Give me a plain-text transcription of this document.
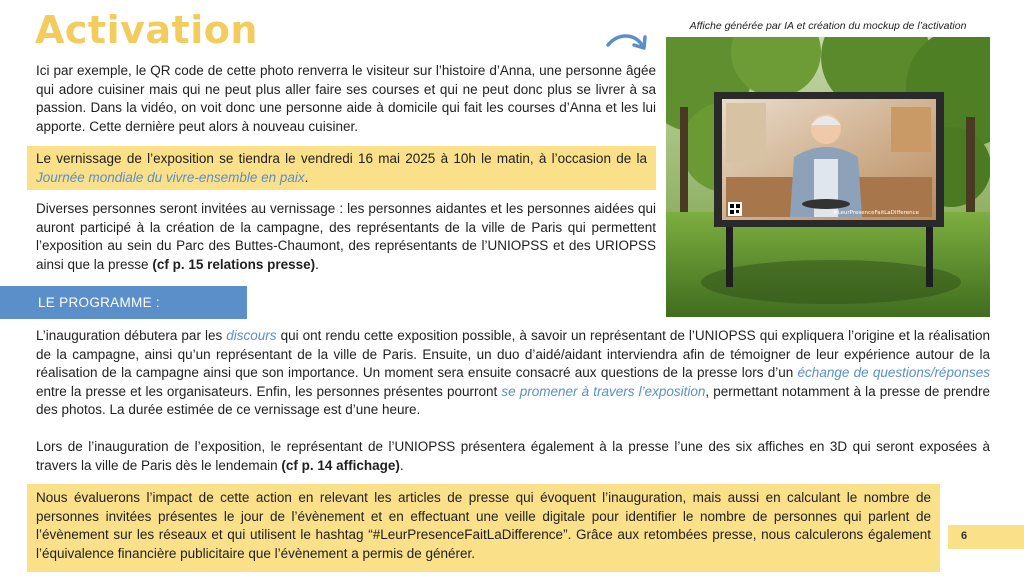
Activation	Affiche générée par IA et création du mockup de l’activation

Ici par exemple, le QR code de cette photo renverra le visiteur sur l’histoire d’Anna, une personne âgée qui adore cuisiner mais qui ne peut plus aller faire ses courses et qui ne peut donc plus se livrer à sa passion. Dans la vidéo, on voit donc une personne aide à domicile qui fait les courses d’Anna et les lui apporte. Cette dernière peut alors à nouveau cuisiner.

Le vernissage de l’exposition se tiendra le vendredi 16 mai 2025 à 10h le matin, à l’occasion de la Journée mondiale du vivre-ensemble en paix.

Diverses personnes seront invitées au vernissage : les personnes aidantes et les personnes aidées qui auront participé à la création de la campagne, des représentants de la ville de Paris qui permettent l’exposition au sein du Parc des Buttes-Chaumont, des représentants de l’UNIOPSS et des URIOPSS ainsi que la presse (cf p. 15 relations presse).

LE PROGRAMME :

L’inauguration débutera par les discours qui ont rendu cette exposition possible, à savoir un représentant de l’UNIOPSS qui expliquera l’origine et la réalisation de la campagne, ainsi qu’un représentant de la ville de Paris. Ensuite, un duo d’aidé/aidant interviendra afin de témoigner de leur expérience autour de la réalisation de la campagne ainsi que son importance. Un moment sera ensuite consacré aux questions de la presse lors d’un échange de questions/réponses entre la presse et les organisateurs. Enfin, les personnes présentes pourront se promener à travers l’exposition, permettant notamment à la presse de prendre des photos. La durée estimée de ce vernissage est d’une heure.

Lors de l’inauguration de l’exposition, le représentant de l’UNIOPSS présentera également à la presse l’une des six affiches en 3D qui seront exposées à travers la ville de Paris dès le lendemain (cf p. 14 affichage).

Nous évaluerons l’impact de cette action en relevant les articles de presse qui évoquent l’inauguration, mais aussi en calculant le nombre de personnes invitées présentes le jour de l’évènement et en effectuant une veille digitale pour identifier le nombre de personnes qui parlent de l’évènement sur les réseaux et qui utilisent le hashtag “#LeurPresenceFaitLaDifference”. Grâce aux retombées presse, nous calculerons également l’équivalence financière publicitaire que l’évènement a permis de générer.

#LeurPresenceFaitLaDifference
6
